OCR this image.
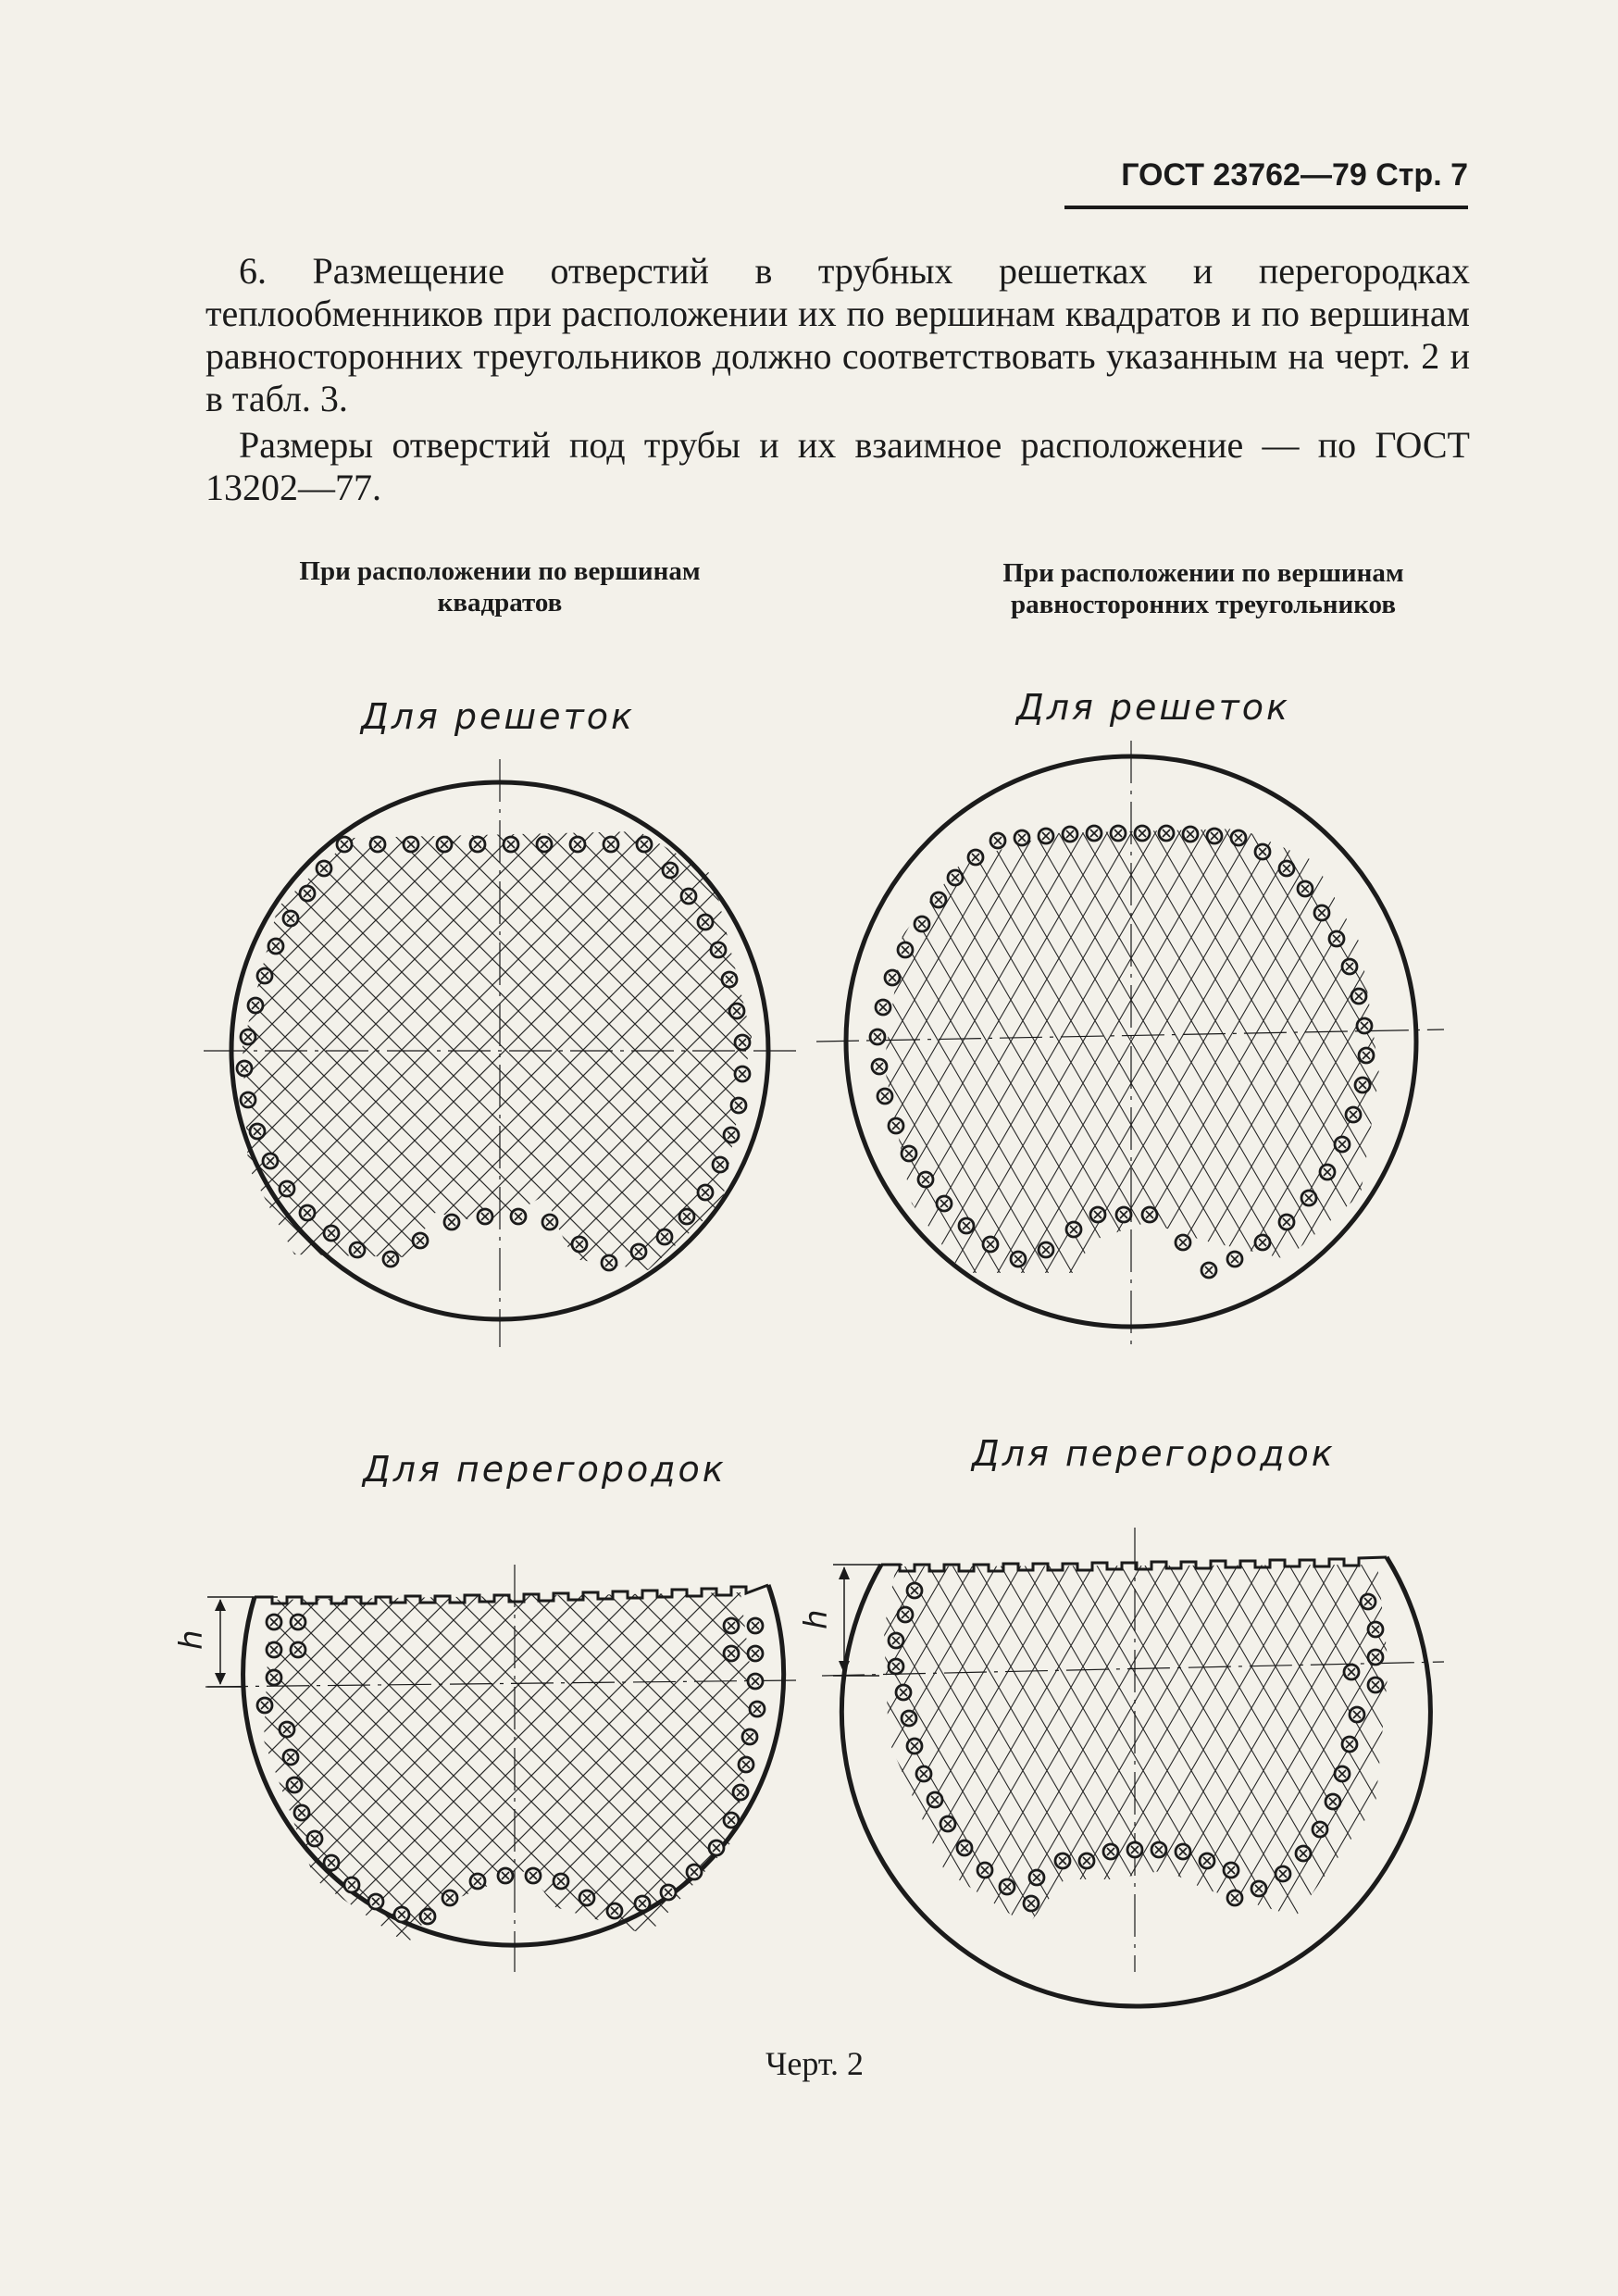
ГОСТ 23762—79 Стр. 7

6. Размещение отверстий в трубных решетках и перегородках теплообменников при расположении их по вершинам квадратов и по вершинам равносторонних треугольников должно соответствовать указанным на черт. 2 и в табл. 3.

Размеры отверстий под трубы и их взаимное расположение — по ГОСТ 13202—77.

При расположении по вершинам
квадратов
При расположении по вершинам
равносторонних треугольников
Для решеток	Для решеток
Для перегородок	Для перегородок
h
h
Черт. 2
